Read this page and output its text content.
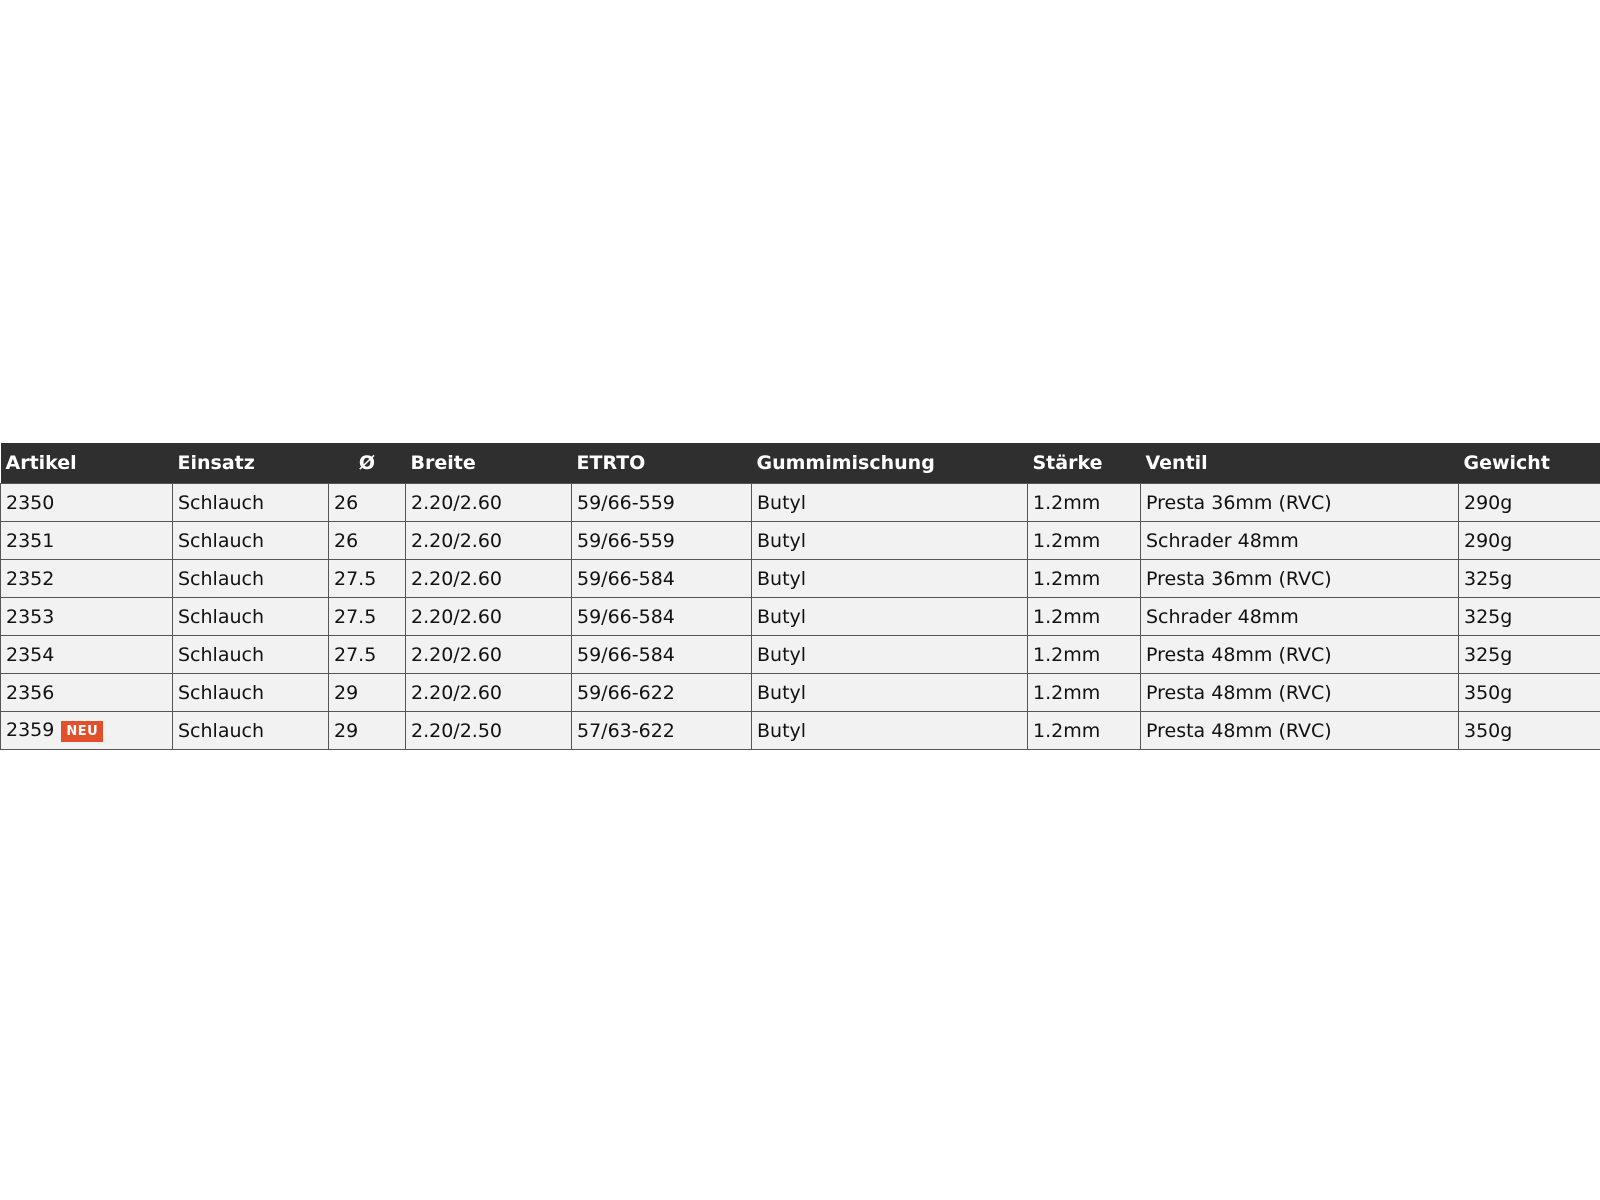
Artikel	Einsatz	Ø	Breite	ETRTO	Gummimischung	Stärke	Ventil	Gewicht
2350	Schlauch	26	2.20/2.60	59/66-559	Butyl	1.2mm	Presta 36mm (RVC)	290g
2351	Schlauch	26	2.20/2.60	59/66-559	Butyl	1.2mm	Schrader 48mm	290g
2352	Schlauch	27.5	2.20/2.60	59/66-584	Butyl	1.2mm	Presta 36mm (RVC)	325g
2353	Schlauch	27.5	2.20/2.60	59/66-584	Butyl	1.2mm	Schrader 48mm	325g
2354	Schlauch	27.5	2.20/2.60	59/66-584	Butyl	1.2mm	Presta 48mm (RVC)	325g
2356	Schlauch	29	2.20/2.60	59/66-622	Butyl	1.2mm	Presta 48mm (RVC)	350g
2359 NEU	Schlauch	29	2.20/2.50	57/63-622	Butyl	1.2mm	Presta 48mm (RVC)	350g
